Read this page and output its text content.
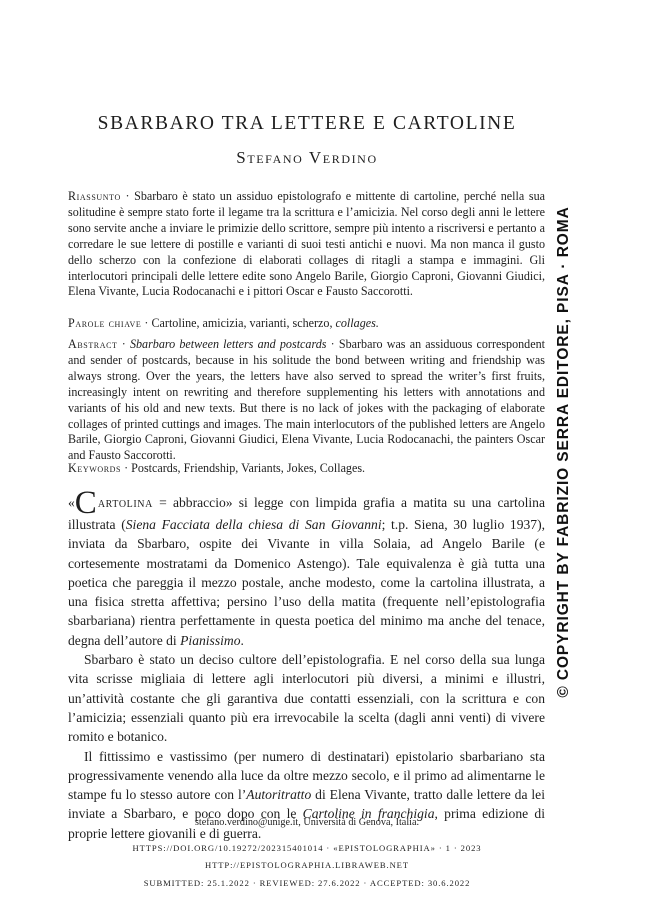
SBARBARO TRA LETTERE E CARTOLINE
Stefano Verdino
Riassunto · Sbarbaro è stato un assiduo epistolografo e mittente di cartoline, perché nella sua solitudine è sempre stato forte il legame tra la scrittura e l’amicizia. Nel corso degli anni le lettere sono servite anche a inviare le primizie dello scrittore, sempre più intento a riscriversi e pertanto a corredare le sue lettere di postille e varianti di suoi testi antichi e nuovi. Ma non manca il gusto dello scherzo con la confezione di elaborati collages di ritagli a stampa e immagini. Gli interlocutori principali delle lettere edite sono Angelo Barile, Giorgio Caproni, Giovanni Giudici, Elena Vivante, Lucia Rodocanachi e i pittori Oscar e Fausto Saccorotti.
Parole chiave · Cartoline, amicizia, varianti, scherzo, collages.
Abstract · Sbarbaro between letters and postcards · Sbarbaro was an assiduous correspondent and sender of postcards, because in his solitude the bond between writing and friendship was always strong. Over the years, the letters have also served to spread the writer’s first fruits, increasingly intent on rewriting and therefore supplementing his letters with annotations and variants of his old and new texts. But there is no lack of jokes with the packaging of elaborate collages of printed cuttings and images. The main interlocutors of the published letters are Angelo Barile, Giorgio Caproni, Giovanni Giudici, Elena Vivante, Lucia Rodocanachi, the painters Oscar and Fausto Saccorotti.
Keywords · Postcards, Friendship, Variants, Jokes, Collages.

«Cartolina = abbraccio» si legge con limpida grafia a matita su una cartolina illustrata (Siena Facciata della chiesa di San Giovanni; t.p. Siena, 30 luglio 1937), inviata da Sbarbaro, ospite dei Vivante in villa Solaia, ad Angelo Barile (e cortesemente mostratami da Domenico Astengo). Tale equivalenza è già tutta una poetica che pareggia il mezzo postale, anche modesto, come la cartolina illustrata, a una fisica stretta affettiva; persino l’uso della matita (frequente nell’epistolografia sbarbariana) rientra perfettamente in questa poetica del minimo ma anche del tenace, degna dell’autore di Pianissimo.

Sbarbaro è stato un deciso cultore dell’epistolografia. E nel corso della sua lunga vita scrisse migliaia di lettere agli interlocutori più diversi, a minimi e illustri, un’attività costante che gli garantiva due contatti essenziali, con la scrittura e con l’amicizia; essenziali quanto più era irrevocabile la scelta (dagli anni venti) di vivere romito e botanico.

Il fittissimo e vastissimo (per numero di destinatari) epistolario sbarbariano sta progressivamente venendo alla luce da oltre mezzo secolo, e il primo ad alimentarne le stampe fu lo stesso autore con l’Autoritratto di Elena Vivante, tratto dalle lettere da lei inviate a Sbarbaro, e poco dopo con le Cartoline in franchigia, prima edizione di proprie lettere giovanili e di guerra.

stefano.verdino@unige.it, Università di Genova, Italia.
HTTPS://DOI.ORG/10.19272/202315401014 · «EPISTOLOGRAPHIA» · 1 · 2023
HTTP://EPISTOLOGRAPHIA.LIBRAWEB.NET
SUBMITTED: 25.1.2022 · REVIEWED: 27.6.2022 · ACCEPTED: 30.6.2022
© COPYRIGHT BY FABRIZIO SERRA EDITORE, PISA · ROMA
